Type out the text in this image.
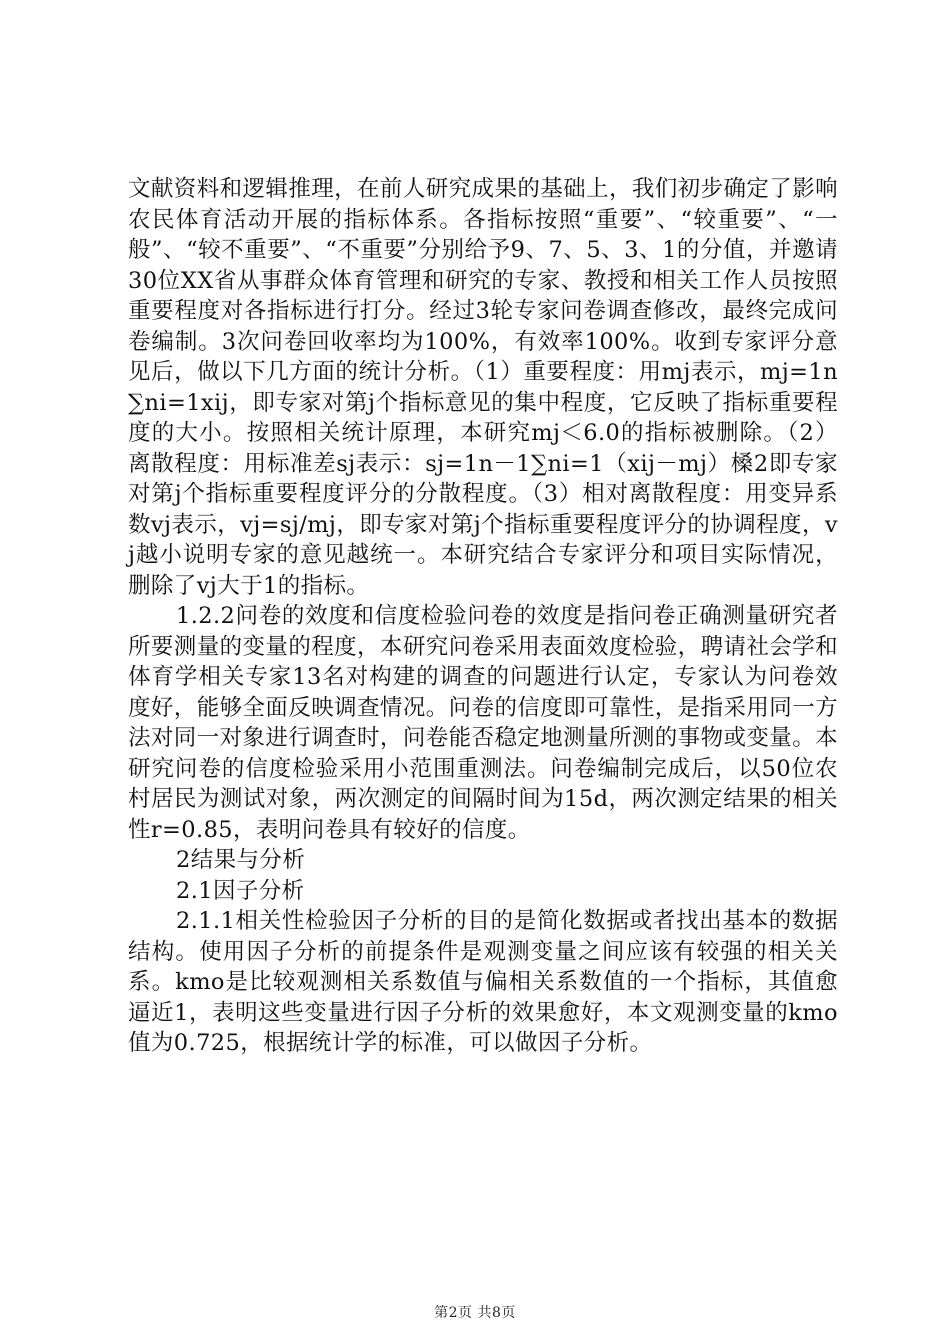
文献资料和逻辑推理，在前人研究成果的基础上，我们初步确定了影响农民体育活动开展的指标体系。各指标按照“重要”、“较重要”、“一般”、“较不重要”、“不重要”分别给予9、7、5、3、1的分值，并邀请30位XX省从事群众体育管理和研究的专家、教授和相关工作人员按照重要程度对各指标进行打分。经过3轮专家问卷调查修改，最终完成问卷编制。3次问卷回收率均为100%，有效率100%。收到专家评分意见后，做以下几方面的统计分析。（1）重要程度：用mj表示，mj=1n∑ni=1xij，即专家对第j个指标意见的集中程度，它反映了指标重要程度的大小。按照相关统计原理，本研究mj＜6.0的指标被删除。（2）离散程度：用标准差sj表示：sj=1n－1∑ni=1（xij－mj）槡2即专家对第j个指标重要程度评分的分散程度。（3）相对离散程度：用变异系数vj表示，vj=sj/mj，即专家对第j个指标重要程度评分的协调程度，vj越小说明专家的意见越统一。本研究结合专家评分和项目实际情况，删除了vj大于1的指标。

1.2.2问卷的效度和信度检验问卷的效度是指问卷正确测量研究者所要测量的变量的程度，本研究问卷采用表面效度检验，聘请社会学和体育学相关专家13名对构建的调查的问题进行认定，专家认为问卷效度好，能够全面反映调查情况。问卷的信度即可靠性，是指采用同一方法对同一对象进行调查时，问卷能否稳定地测量所测的事物或变量。本研究问卷的信度检验采用小范围重测法。问卷编制完成后，以50位农村居民为测试对象，两次测定的间隔时间为15d，两次测定结果的相关性r=0.85，表明问卷具有较好的信度。

2结果与分析

2.1因子分析

2.1.1相关性检验因子分析的目的是简化数据或者找出基本的数据结构。使用因子分析的前提条件是观测变量之间应该有较强的相关关系。kmo是比较观测相关系数值与偏相关系数值的一个指标，其值愈逼近1，表明这些变量进行因子分析的效果愈好，本文观测变量的kmo值为0.725，根据统计学的标准，可以做因子分析。

第2页 共8页
